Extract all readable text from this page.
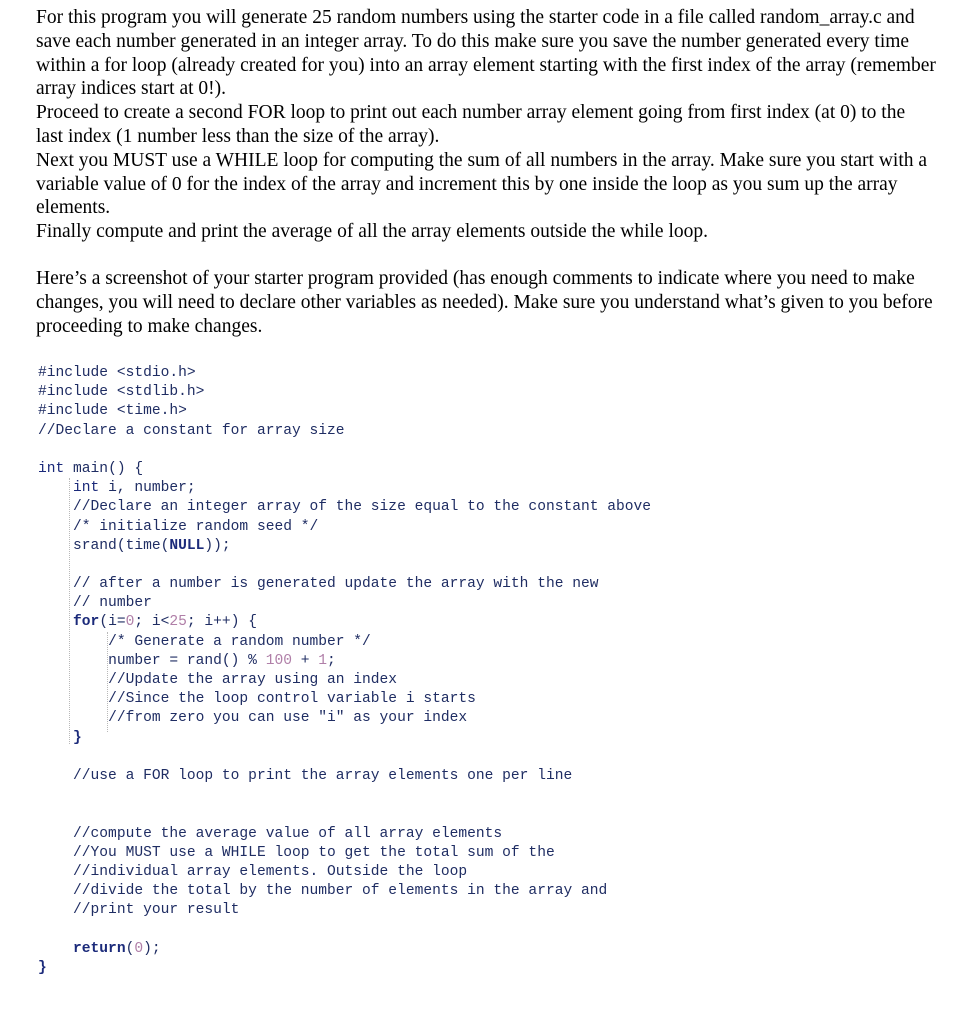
For this program you will generate 25 random numbers using the starter code in a file called random_array.c and save each number generated in an integer array. To do this make sure you save the number generated every time within a for loop (already created for you) into an array element starting with the first index of the array (remember array indices start at 0!).

Proceed to create a second FOR loop to print out each number array element going from first index (at 0) to the last index (1 number less than the size of the array).

Next you MUST use a WHILE loop for computing the sum of all numbers in the array. Make sure you start with a variable value of 0 for the index of the array and increment this by one inside the loop as you sum up the array elements.

Finally compute and print the average of all the array elements outside the while loop.

Here’s a screenshot of your starter program provided (has enough comments to indicate where you need to make changes, you will need to declare other variables as needed). Make sure you understand what’s given to you before proceeding to make changes.

#include <stdio.h>
#include <stdlib.h>
#include <time.h>
//Declare a constant for array size
int main() {
int i, number;
//Declare an integer array of the size equal to the constant above
/* initialize random seed */
srand(time(NULL));
// after a number is generated update the array with the new
// number
for(i=0; i<25; i++) {
/* Generate a random number */
number = rand() % 100 + 1;
//Update the array using an index
//Since the loop control variable i starts
//from zero you can use "i" as your index
}
//use a FOR loop to print the array elements one per line
//compute the average value of all array elements
//You MUST use a WHILE loop to get the total sum of the
//individual array elements. Outside the loop
//divide the total by the number of elements in the array and
//print your result
return(0);
}
